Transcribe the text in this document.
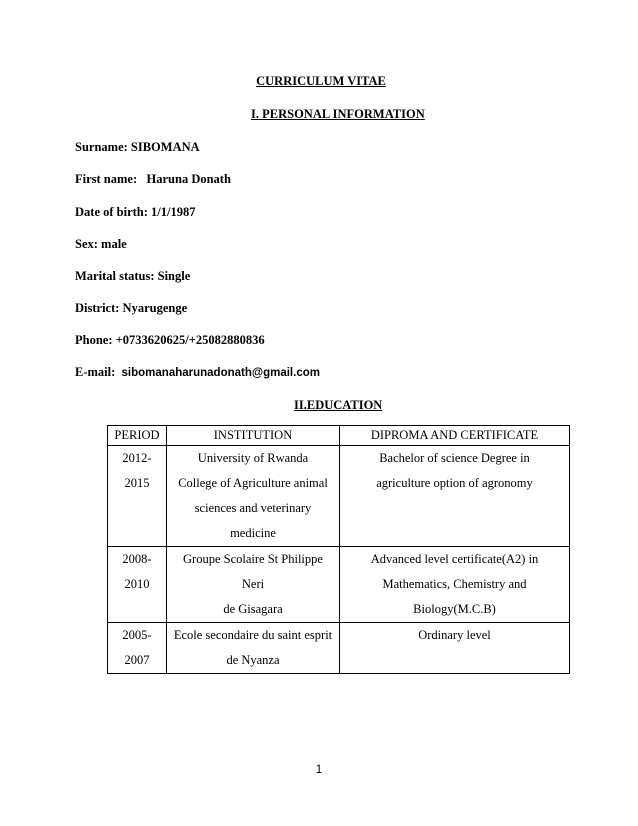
CURRICULUM VITAE
I. PERSONAL INFORMATION
Surname: SIBOMANA
First name: Haruna Donath
Date of birth: 1/1/1987
Sex: male
Marital status: Single
District: Nyarugenge
Phone: +0733620625/+25082880836
E-mail: sibomanaharunadonath@gmail.com
II.EDUCATION
PERIOD	INSTITUTION	DIPROMA AND CERTIFICATE

2012-
2015	University of Rwanda
College of Agriculture animal
sciences and veterinary medicine	Bachelor of science Degree in
agriculture option of agronomy

2008-
2010	Groupe Scolaire St Philippe Neri
de Gisagara	Advanced level certificate(A2) in
Mathematics, Chemistry and
Biology(M.C.B)

2005-
2007	Ecole secondaire du saint esprit
de Nyanza	Ordinary level
1
